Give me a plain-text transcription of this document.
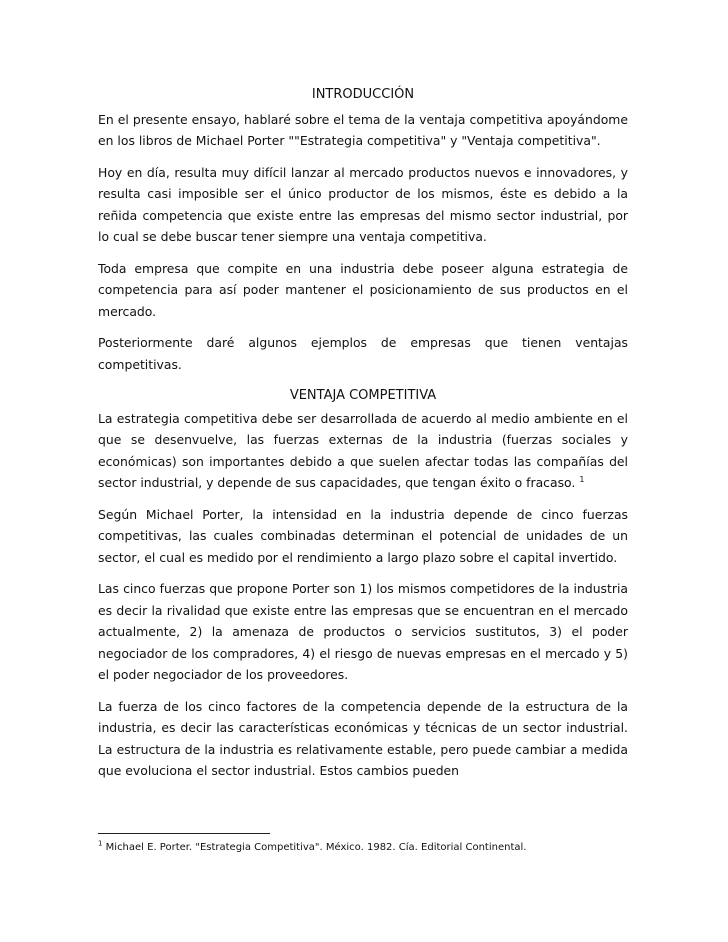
INTRODUCCIÓN

En el presente ensayo, hablaré sobre el tema de la ventaja competitiva apoyándome en los libros de Michael Porter ""Estrategia competitiva" y "Ventaja competitiva".

Hoy en día, resulta muy difícil lanzar al mercado productos nuevos e innovadores, y resulta casi imposible ser el único productor de los mismos, éste es debido a la reñida competencia que existe entre las empresas del mismo sector industrial, por lo cual se debe buscar tener siempre una ventaja competitiva.

Toda empresa que compite en una industria debe poseer alguna estrategia de competencia para así poder mantener el posicionamiento de sus productos en el mercado.

Posteriormente daré algunos ejemplos de empresas que tienen ventajas competitivas.

VENTAJA COMPETITIVA

La estrategia competitiva debe ser desarrollada de acuerdo al medio ambiente en el que se desenvuelve, las fuerzas externas de la industria (fuerzas sociales y económicas) son importantes debido a que suelen afectar todas las compañías del sector industrial, y depende de sus capacidades, que tengan éxito o fracaso. $^1$

Según Michael Porter, la intensidad en la industria depende de cinco fuerzas competitivas, las cuales combinadas determinan el potencial de unidades de un sector, el cual es medido por el rendimiento a largo plazo sobre el capital invertido.

Las cinco fuerzas que propone Porter son 1) los mismos competidores de la industria es decir la rivalidad que existe entre las empresas que se encuentran en el mercado actualmente, 2) la amenaza de productos o servicios sustitutos, 3) el poder negociador de los compradores, 4) el riesgo de nuevas empresas en el mercado y 5) el poder negociador de los proveedores.

La fuerza de los cinco factores de la competencia depende de la estructura de la industria, es decir las características económicas y técnicas de un sector industrial. La estructura de la industria es relativamente estable, pero puede cambiar a medida que evoluciona el sector industrial. Estos cambios pueden

$^1$ Michael E. Porter. "Estrategia Competitiva". México. 1982. Cía. Editorial Continental.
